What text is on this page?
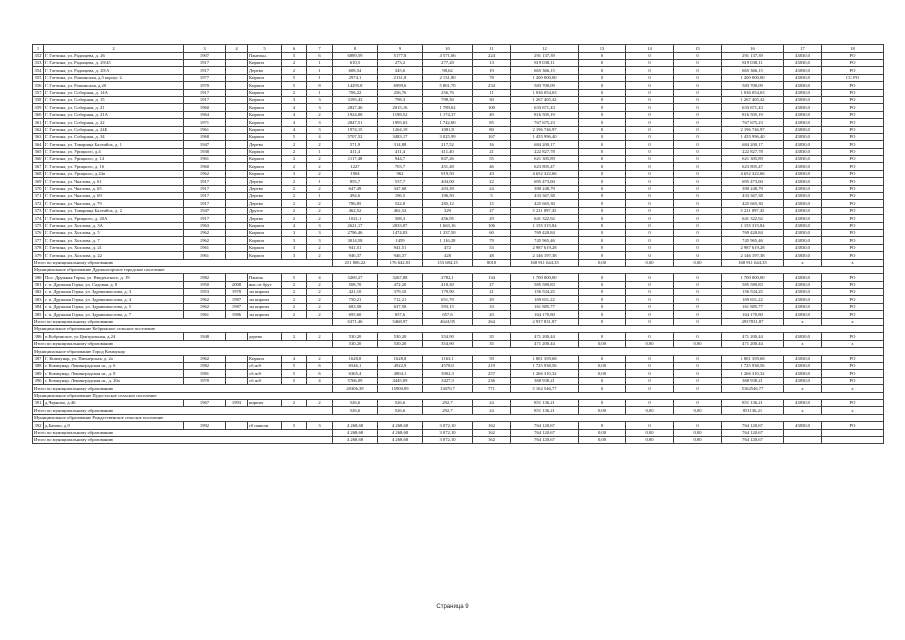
1	2	3	4	5	6	7	8	9	10	11	12	13	14	15	16	17	18
352	Г. Гатчина, ул. Радищева, д. 26	1907		Панельн.	5	6	6889,59	5177,8	4 571,06	224	291 137,39	0	0	0	291 137,39	43830,0	РО
353	Г. Гатчина, ул. Радищева, д. 29/45	1917		Кирпич	2	1	610,5	273,2	277,20	13	819 038,11	0	0	0	819 038,11	43830,0	РО
354	Г. Гатчина, ул. Радищева, д. 20/А	1917		Дерево	2	1	608,54	345,6	98,62	19	665 366,15	0	0	0	665 366,15	43830,0	РО
355	Г. Гатчина, ул. Рошинская, д.5 корпус 2	1977		Кирпич	5	1	2974,1	2131,8	2 131,80	78	1 200 000,00	0	0	0	1 200 000,00	43830,0	СС РО
356	Г. Гатчина, ул. Рошинская, д.20	1970		Кирпич	5	8	14295,8	6999,6	5 801,70	234	583 700,09	0	0	0	583 700,09	43830,0	РО
357	Г. Гатчина, ул. Соборная, д. 14А	1917		Кирпич	2	1	706,22	256,76	256,76	11	1 036 054,63	0	0	0	1 036 054,63	43830,0	РО
358	Г. Гатчина, ул. Соборная, д. 15	1917		Кирпич	3	3	3195,43	798,3	798,30	30	1 267 405,42	0	0	0	1 267 405,42	43830,0	РО
359	Г. Гатчина, ул. Соборная, д. 21	1960		Кирпич	4	3	2827,46	2015,16	1 789,62	100	633 671,43	0	0	0	633 671,43	43830,0	РО
360	Г. Гатчина, ул. Соборная, д. 21А	1964		Кирпич	4	2	1924,08	1198,52	1 174,37	49	816 505,19	0	0	0	816 505,19	43830,0	РО
361	Г. Гатчина, ул. Соборная, д. 22	1971		Кирпич	4	3	2847,51	1995,63	1 742,80	85	767 675,23	0	0	0	767 675,23	43830,0	РО
362	Г. Гатчина, ул. Соборная, д. 24Б	1961		Кирпич	4	3	1974,15	1264,19	1081,8	80	2 196 746,97	0	0	0	2 196 746,97	43830,0	РО
363	Г. Гатчина, ул. Соборная, д. 34	1968		Кирпич	5	4	5707,52	3483,17	3 025,99	167	1 455 996,40	0	0	0	1 455 996,40	43830,0	РО
364	Г. Гатчина, ул. Товарища Балтийск, д. 1	1947		Дерево	2	2	571,9	314,88	217,52	16	684 200,17	0	0	0	684 200,17	43830,0	РО
365	Г. Гатчина, ул. Урицкого, д.4	1938		Кирпич	2	1	411,4	411,4	411,40	21	222 827,78	0	0	0	222 827,78	43830,0	РО
366	Г. Гатчина, ул. Урицкого, д. 14	1961		Кирпич	2	2	1117,48	944,7	847,26	55	621 305,89	0	0	0	621 305,89	43830,0	РО
367	Г. Гатчина, ул. Урицкого, д. 16	1960		Кирпич	2	2	1227	703,7	451,48	46	623 805,47	0	0	0	623 805,47	43830,0	РО
368	Г. Гатчина, ул. Урицкого, д.24а	1962		Кирпич	3	2	1904	962	919,50	43	4 652 322,66	0	0	0	4 652 322,66	43830,0	РО
369	Г. Гатчина, ул. Чкалова, д. 61	1917		Дерево	2	1	855,7	537,7	404,00	22	695 473,60	0	0	0	695 473,60	43830,0	РО
370	Г. Гатчина, ул. Чкалова, д. 65	1917		Дерево	2	2	647,49	347,68	203,39	24	390 248,79	0	0	0	390 248,79	43830,0	РО
371	Г. Гатчина, ул. Чкалова, д. 69	1917		Дерево	2	1	494,6	196,5	196,50	5	433 367,38	0	0	0	433 367,38	43830,0	РО
372	Г. Гатчина, ул. Чкалова, д. 79	1917		Дерево	2	2	786,85	522,8	285,12	15	425 665,30	0	0	0	425 665,30	43830,0	РО
373	Г. Гатчина, ул. Товарища Балтийск, д. 2	1947		Другое	2	2	462,52	462,52	329	27	5 211 097,45	0	0	0	5 211 097,45	43830,0	РО
374	Г. Гатчина, ул. Урицкого, д. 20А	1917		Дерево	2	2	1021,1	508,3	456,95	29	641 322,92	0	0	0	641 322,92	43830,0	РО
375	Г. Гатчина, ул. Хохлова, д. 3А	1963		Кирпич	4	3	2621,17	2033,87	1 663,16	106	1 155 315,84	0	0	0	1 155 315,84	43830,0	РО
376	Г. Гатчина, ул. Хохлова, д. 5	1962		Кирпич	3	3	2796,46	1474,83	1 337,50	60	769 420,84	0	0	0	769 420,84	43830,0	РО
377	Г. Гатчина, ул. Хохлова, д. 7	1962		Кирпич	3	3	3014,58	1459	1 116,28	79	745 965,46	0	0	0	745 965,46	43830,0	РО
378	Г. Гатчина, ул. Хохлова, д. 21	1961		Кирпич	3	2	941,51	941,51	472	53	2 987 619,28	0	0	0	2 987 619,28	43830,0	РО
379	Г. Гатчина, ул. Хохлова, д. 22	1961		Кирпич	3	2	946,37	946,37	428	48	2 146 197,38	0	0	0	2 146 197,38	43830,0	РО
Итого по муниципальному образованию							251 806,22	176 642,03	153 684,15	8010	168 911 644,35	0,00	0,00	0,00	168 911 644,35	x	x
Муниципальное образование Дружногорское городское поселение																	
380	Пос. Дружная Горка, ул. Введенского, д. 19	1982		Панель	5	4	3269,27	3267,88	2782,1	134	1 700 000,00	0	0	0	1 700 000,00	43830,0	РО
381	г. п. Дружная Горка, ул. Садовая, д. 8	1950	2008	выс.от брус	2	2	508,70	472,20	418,30	27	585 589,83	0	0	0	585 589,83	43830,0	РО
382	г. п. Дружная Горка, ул. Здравомыслова, д. 3	1953	1978	зы кирпич	2	2	421,10	379,10	179,90	21	156 534,25	0	0	0	156 534,25	43830,0	РО
383	г. п. Дружная Горка, ул. Здравомыслова, д. 4	1962	1987	зы кирпич	2	2	750,21	712,21	651,70	29	169 651,22	0	0	0	169 651,22	43830,0	РО
384	г. п. Дружная Горка, ул. Здравомыслова, д. 5	1962	1987	зы кирпич	2	2	683,58	637,58	593,15	33	161 885,77	0	0	0	161 885,77	43830,0	РО
385	г. п. Дружная Горка, ул. Здравомыслова, д. 7	1961	1986	зы кирпич	2	2	695,60	657,6	657,6	20	164 170,80	0	0	0	164 170,80	43830,0	РО
Итого по муниципальному образованию							6371,46	5468,97	4624,95	264	2 937 831,87	0	0	0	2937831,87	x	x
Муниципальное образование Кобринское сельское поселение																	
386	п.Кобринское, ул.Центральная, д.24	1948		дерево	2	2	530,20	530,20	354,90	35	471 200,44	0	0	0	471 200,44	43830,0	РО
Итого по муниципальному образованию							530,20	530,20	354,90	35	471 200,44	0,00	0,00	0,00	471 200,44	x	x
Муниципальное образование Город Коммунар																	
387	Г. Коммунар, ул. Пионерская, д. 2а	1962		Кирпич	4	2	1628,8	1628,8	1163,1	59	1 801 359,68	0	0	0	1 801 359,68	43830,0	РО
388	г. Коммунар, Ленинградская ш., д. 6	1982		сб.ж/б	5	6	6546,1	4922,9	4578,0	219	1 725 938,56	0,00	0	0	1 725 938,56	43830,0	РО
389	г. Коммунар, Ленинградская ш., д. 8	1981		сб.ж/б	5	6	6365,4	4904,1	3902,3	257	1 266 310,32	0,00	0	0	1 266 310,32	43830,0	РО
390	г. Коммунар, Ленинградская ш., д. 20а	1970		сб.ж/б	5	4	5766,09	4445,09	3427,3	236	368 938,21	0	0	0	368 938,21	43830,0	РО
Итого по муниципальному образованию							20306,39	15900,89	13070,7	771	5 162 546,77	0	0	0	5162546,77	x	x
Муниципальное образование Пудостьское сельское поселение																	
391	д.Черново, д.46	1967	1993	кирпич	2	2	526,6	526,6	292,7	24	851 136,21	0	0	0	851 136,21	43830,0	РО
Итого по муниципальному образованию							526,6	526,6	292,7	24	851 136,21	0,00	0,00	0,00	851136,21	x	x
Муниципальное образование Рождественское сельское поселение																	
392	д.Батово, д.9	1992		гб панели	5	3	4 268,68	4 268,68	3 072,10	162	764 120,67	0	0	0	764 120,67	43830,0	РО
Итого по муниципальному образованию							4 268,68	4 268,68	3 072,10	162	764 120,67	0,00	0,00	0,00	764 120,67		
Итого по муниципальному образованию							4 268,68	4 268,68	3 072,10	162	764 120,67	0,00	0,00	0,00	764 120,67		
Страница 9
